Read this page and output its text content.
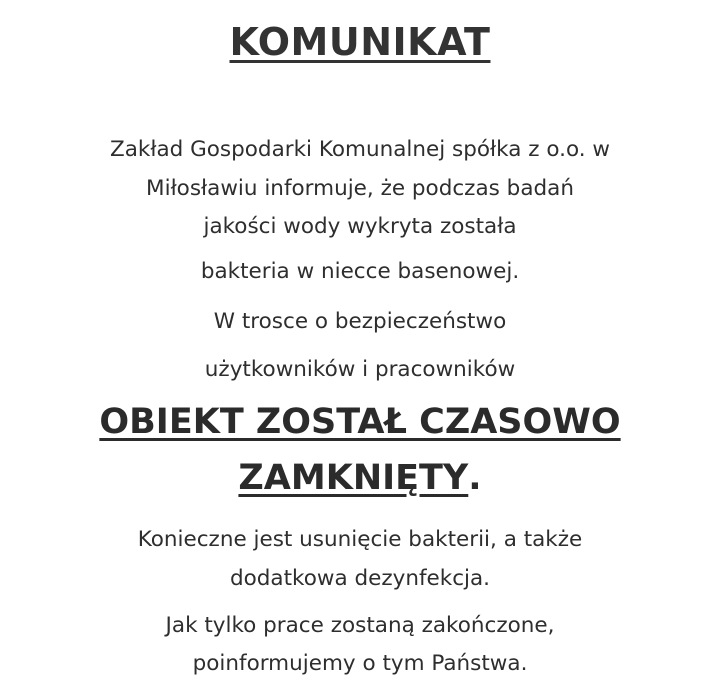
KOMUNIKAT
Zakład Gospodarki Komunalnej spółka z o.o. w
Miłosławiu informuje, że podczas badań
jakości wody wykryta została
bakteria w niecce basenowej.
W trosce o bezpieczeństwo
użytkowników i pracowników
OBIEKT ZOSTAŁ CZASOWO
ZAMKNIĘTY.
Konieczne jest usunięcie bakterii, a także
dodatkowa dezynfekcja.
Jak tylko prace zostaną zakończone,
poinformujemy o tym Państwa.
